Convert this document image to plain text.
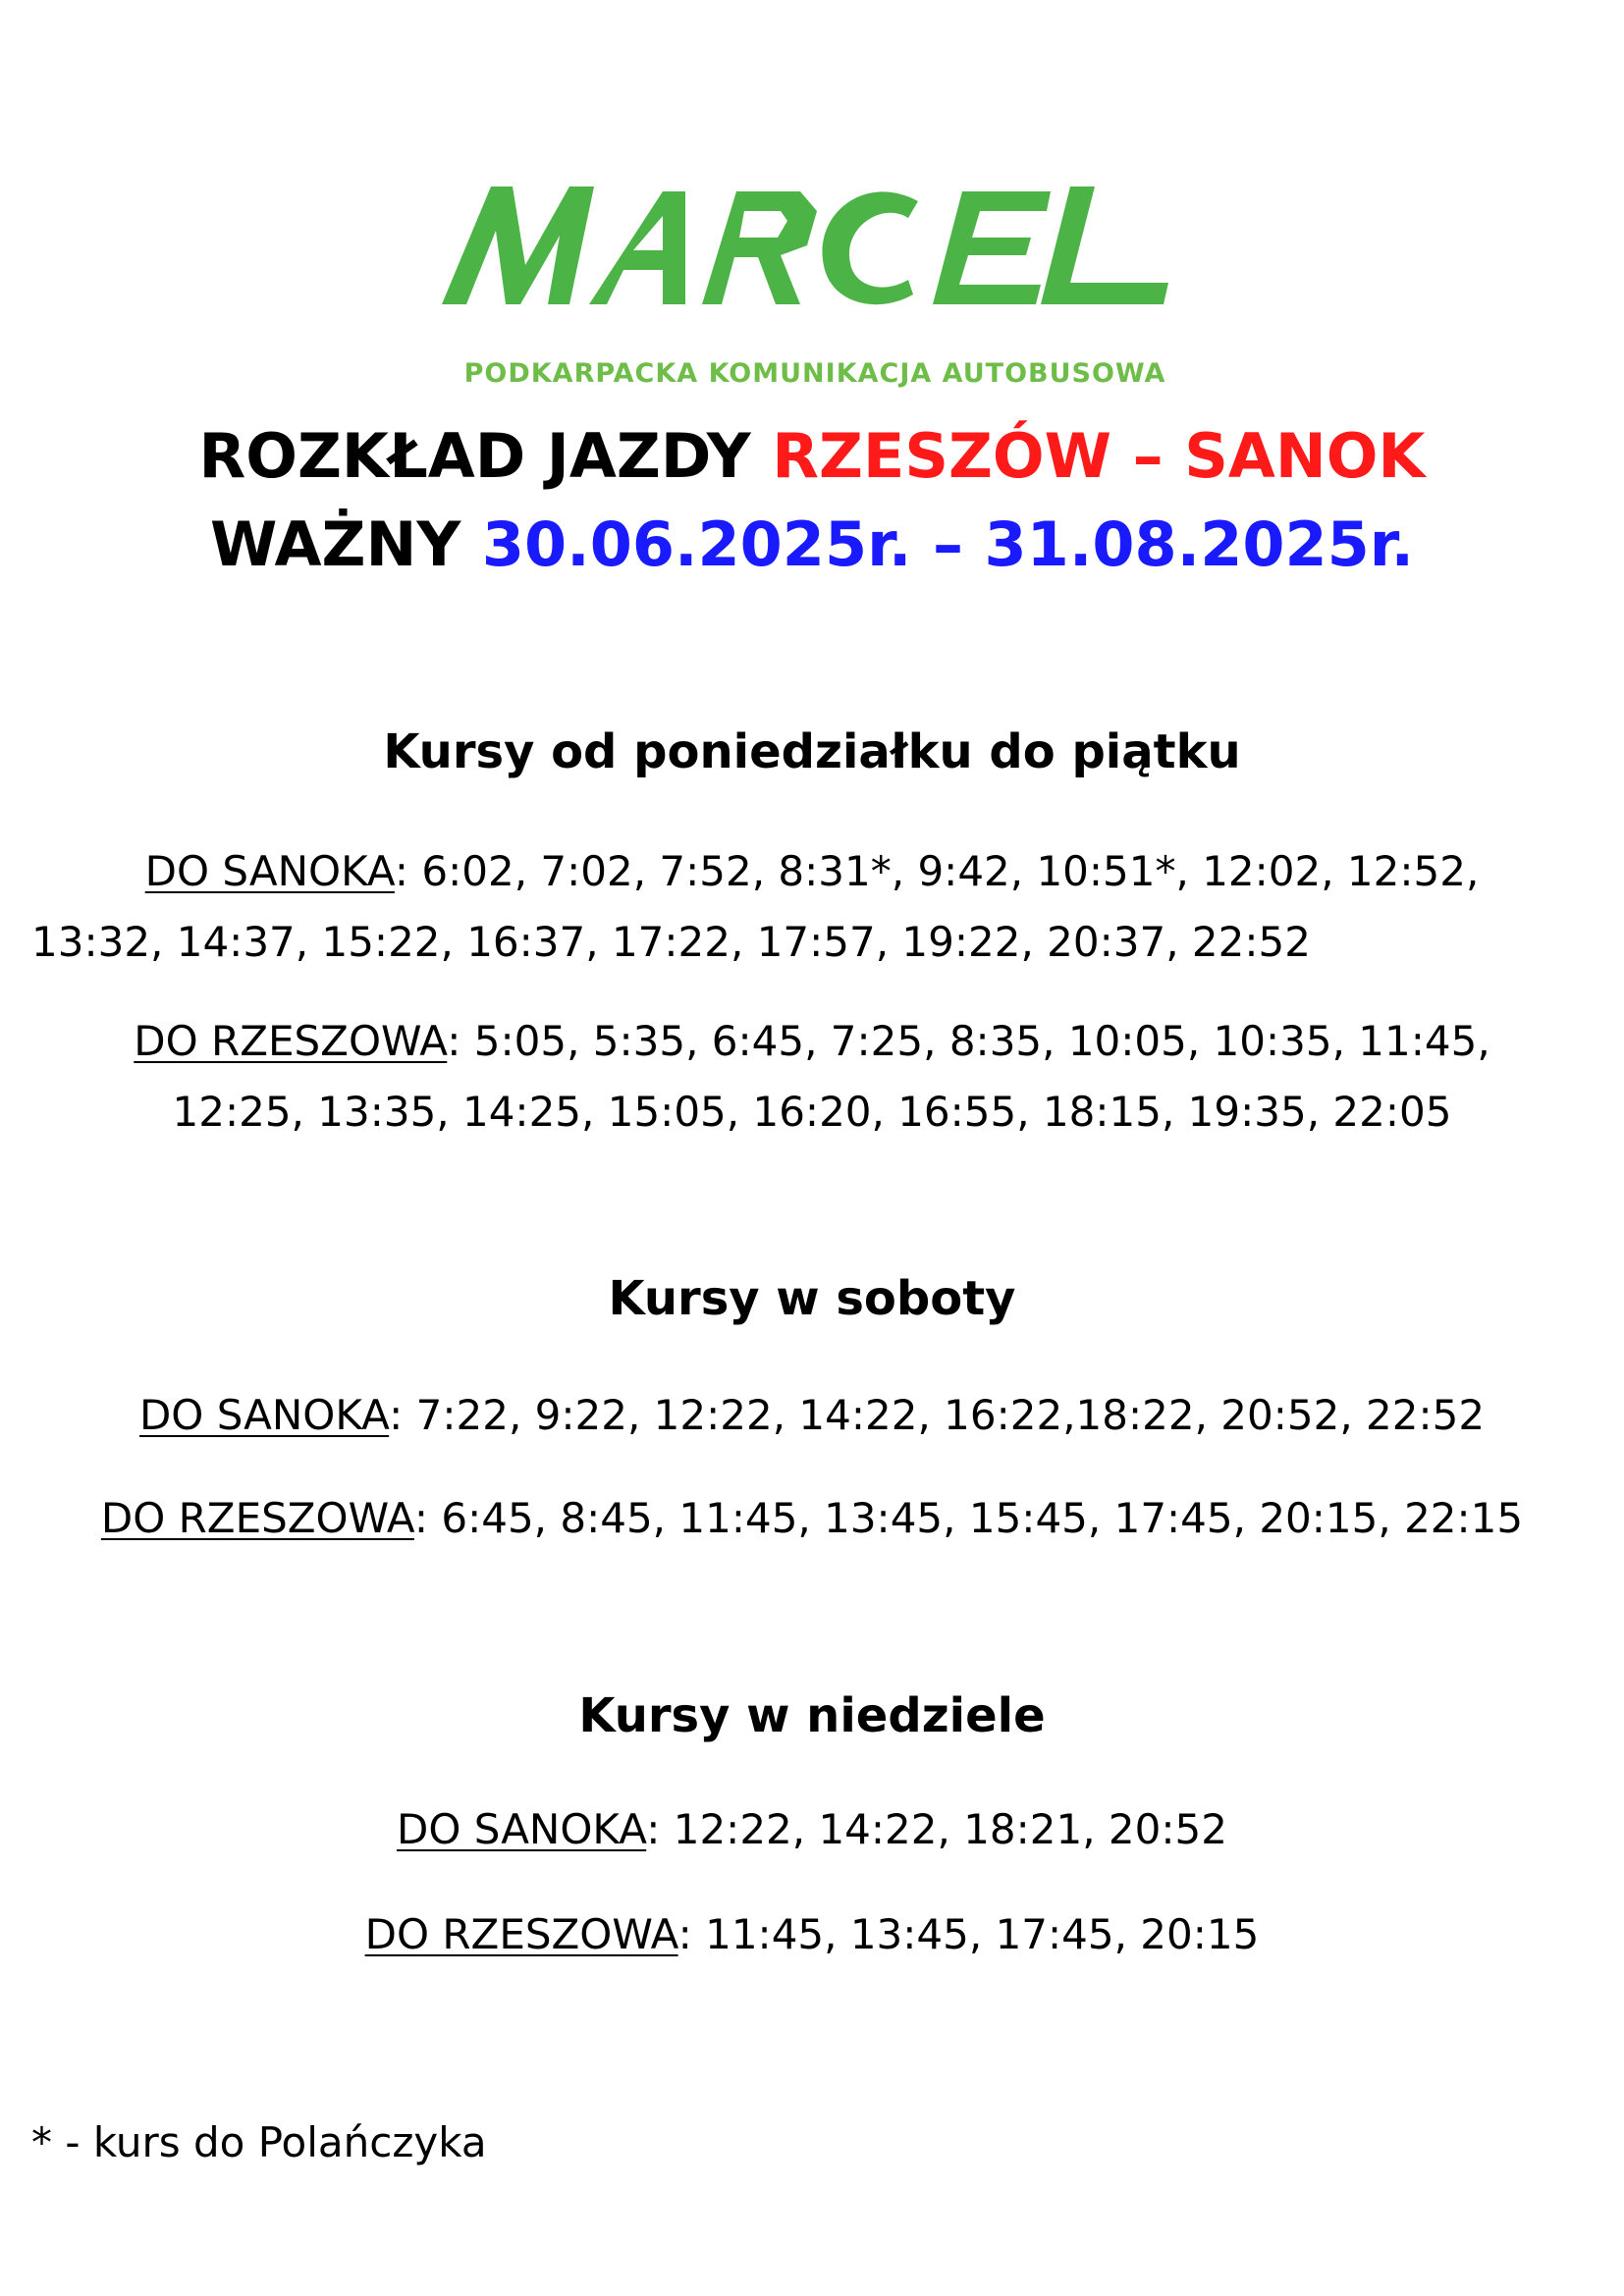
PODKARPACKA KOMUNIKACJA AUTOBUSOWA
ROZKŁAD JAZDY RZESZÓW – SANOK
WAŻNY 30.06.2025r. – 31.08.2025r.
Kursy od poniedziałku do piątku
DO SANOKA: 6:02, 7:02, 7:52, 8:31*, 9:42, 10:51*, 12:02, 12:52,
13:32, 14:37, 15:22, 16:37, 17:22, 17:57, 19:22, 20:37, 22:52
DO RZESZOWA: 5:05, 5:35, 6:45, 7:25, 8:35, 10:05, 10:35, 11:45,
12:25, 13:35, 14:25, 15:05, 16:20, 16:55, 18:15, 19:35, 22:05
Kursy w soboty
DO SANOKA: 7:22, 9:22, 12:22, 14:22, 16:22,18:22, 20:52, 22:52
DO RZESZOWA: 6:45, 8:45, 11:45, 13:45, 15:45, 17:45, 20:15, 22:15
Kursy w niedziele
DO SANOKA: 12:22, 14:22, 18:21, 20:52
DO RZESZOWA: 11:45, 13:45, 17:45, 20:15
* - kurs do Polańczyka
